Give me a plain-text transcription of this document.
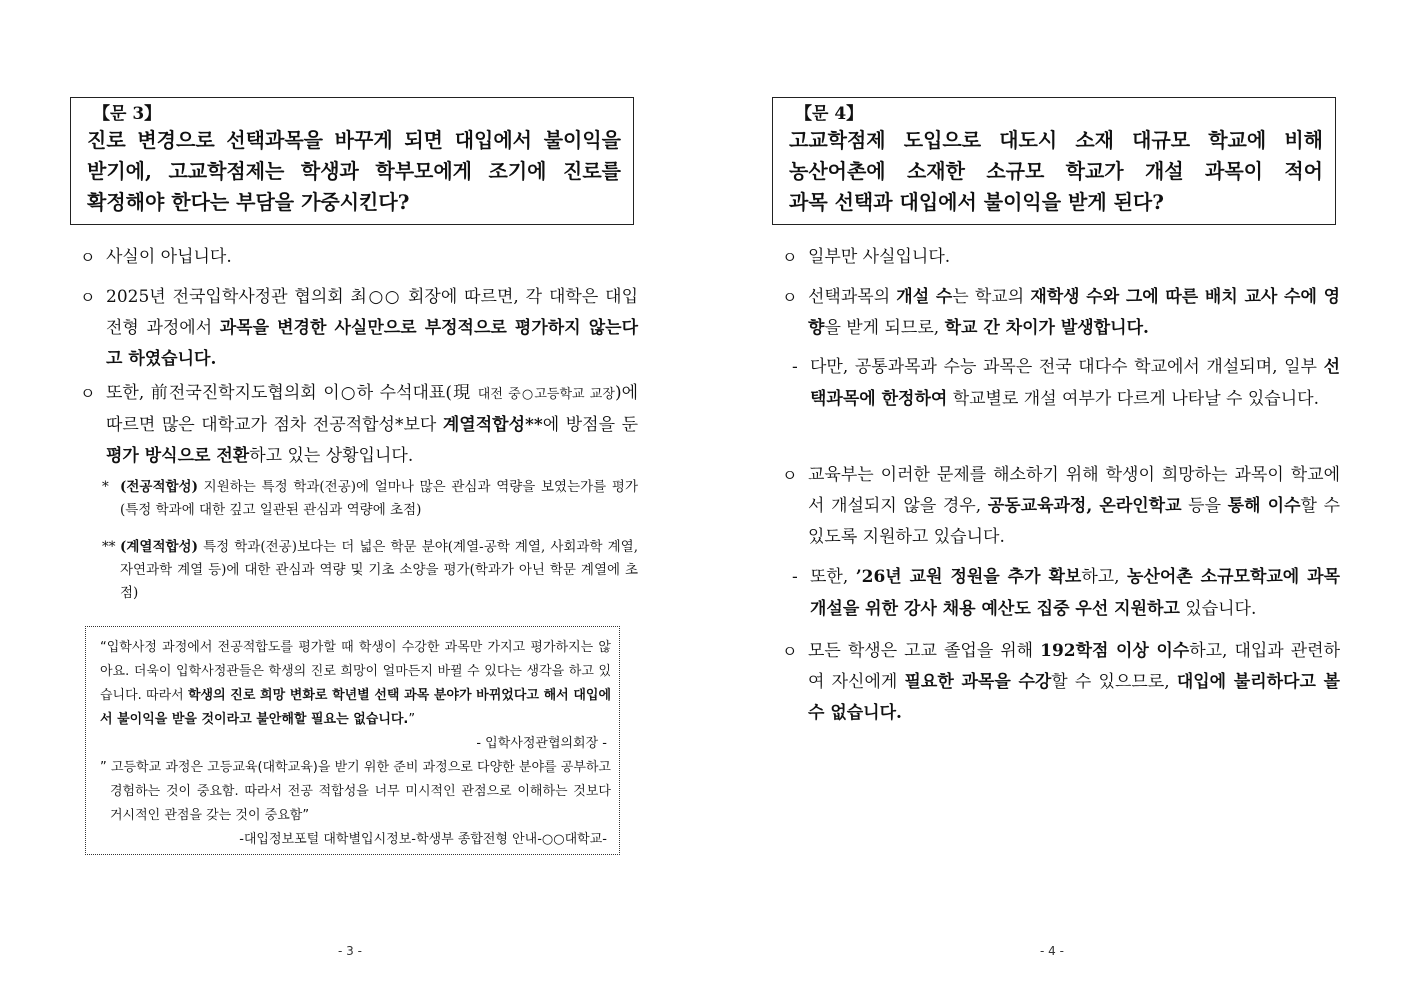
【문 3】
진로 변경으로 선택과목을 바꾸게 되면 대입에서 불이익을
받기에, 고교학점제는 학생과 학부모에게 조기에 진로를
확정해야 한다는 부담을 가중시킨다?
ㅇ 사실이 아닙니다.
ㅇ 2025년 전국입학사정관 협의회 최○○ 회장에 따르면, 각 대학은 대입전형 과정에서 과목을 변경한 사실만으로 부정적으로 평가하지 않는다고 하였습니다.
ㅇ 또한, 前전국진학지도협의회 이○하 수석대표(現 대전 중○고등학교 교장)에 따르면 많은 대학교가 점차 전공적합성*보다 계열적합성**에 방점을 둔 평가 방식으로 전환하고 있는 상황입니다.
* (전공적합성) 지원하는 특정 학과(전공)에 얼마나 많은 관심과 역량을 보였는가를 평가 (특정 학과에 대한 깊고 일관된 관심과 역량에 초점)
** (계열적합성) 특정 학과(전공)보다는 더 넓은 학문 분야(계열-공학 계열, 사회과학 계열, 자연과학 계열 등)에 대한 관심과 역량 및 기초 소양을 평가(학과가 아닌 학문 계열에 초점)

“입학사정 과정에서 전공적합도를 평가할 때 학생이 수강한 과목만 가지고 평가하지는 않아요. 더욱이 입학사정관들은 학생의 진로 희망이 얼마든지 바뀔 수 있다는 생각을 하고 있습니다. 따라서 학생의 진로 희망 변화로 학년별 선택 과목 분야가 바뀌었다고 해서 대입에서 불이익을 받을 것이라고 불안해할 필요는 없습니다.”

- 입학사정관협의회장 -

” 고등학교 과정은 고등교육(대학교육)을 받기 위한 준비 과정으로 다양한 분야를 공부하고 경험하는 것이 중요함. 따라서 전공 적합성을 너무 미시적인 관점으로 이해하는 것보다 거시적인 관점을 갖는 것이 중요함”

-대입정보포털 대학별입시정보-학생부 종합전형 안내-○○대학교-

- 3 -
【문 4】
고교학점제 도입으로 대도시 소재 대규모 학교에 비해
농산어촌에 소재한 소규모 학교가 개설 과목이 적어
과목 선택과 대입에서 불이익을 받게 된다?
ㅇ 일부만 사실입니다.
ㅇ 선택과목의 개설 수는 학교의 재학생 수와 그에 따른 배치 교사 수에 영향을 받게 되므로, 학교 간 차이가 발생합니다.
- 다만, 공통과목과 수능 과목은 전국 대다수 학교에서 개설되며, 일부 선택과목에 한정하여 학교별로 개설 여부가 다르게 나타날 수 있습니다.
ㅇ 교육부는 이러한 문제를 해소하기 위해 학생이 희망하는 과목이 학교에서 개설되지 않을 경우, 공동교육과정, 온라인학교 등을 통해 이수할 수 있도록 지원하고 있습니다.
- 또한, ’26년 교원 정원을 추가 확보하고, 농산어촌 소규모학교에 과목 개설을 위한 강사 채용 예산도 집중 우선 지원하고 있습니다.
ㅇ 모든 학생은 고교 졸업을 위해 192학점 이상 이수하고, 대입과 관련하여 자신에게 필요한 과목을 수강할 수 있으므로, 대입에 불리하다고 볼 수 없습니다.
- 4 -
